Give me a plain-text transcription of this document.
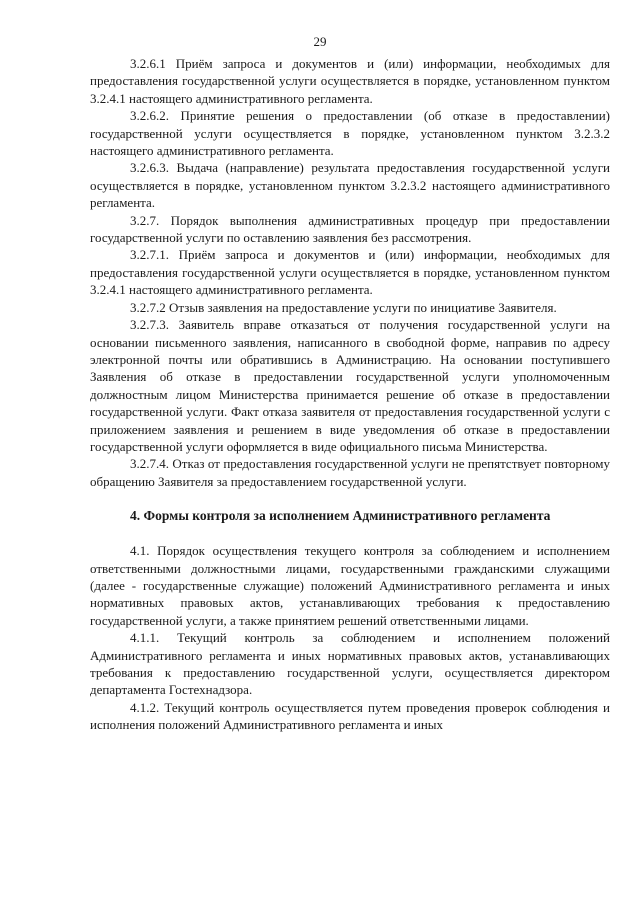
29

3.2.6.1 Приём запроса и документов и (или) информации, необходимых для предоставления государственной услуги осуществляется в порядке, установленном пунктом 3.2.4.1 настоящего административного регламента.

3.2.6.2. Принятие решения о предоставлении (об отказе в предоставлении) государственной услуги осуществляется в порядке, установленном пунктом 3.2.3.2 настоящего административного регламента.

3.2.6.3. Выдача (направление) результата предоставления государственной услуги осуществляется в порядке, установленном пунктом 3.2.3.2 настоящего административного регламента.

3.2.7. Порядок выполнения административных процедур при предоставлении государственной услуги по оставлению заявления без рассмотрения.

3.2.7.1. Приём запроса и документов и (или) информации, необходимых для предоставления государственной услуги осуществляется в порядке, установленном пунктом 3.2.4.1 настоящего административного регламента.

3.2.7.2 Отзыв заявления на предоставление услуги по инициативе Заявителя.

3.2.7.3. Заявитель вправе отказаться от получения государственной услуги на основании письменного заявления, написанного в свободной форме, направив по адресу электронной почты или обратившись в Администрацию. На основании поступившего Заявления об отказе в предоставлении государственной услуги уполномоченным должностным лицом Министерства принимается решение об отказе в предоставлении государственной услуги. Факт отказа заявителя от предоставления государственной услуги с приложением заявления и решением в виде уведомления об отказе в предоставлении государственной услуги оформляется в виде официального письма Министерства.

3.2.7.4. Отказ от предоставления государственной услуги не препятствует повторному обращению Заявителя за предоставлением государственной услуги.

4. Формы контроля за исполнением Административного регламента

4.1. Порядок осуществления текущего контроля за соблюдением и исполнением ответственными должностными лицами, государственными гражданскими служащими (далее - государственные служащие) положений Административного регламента и иных нормативных правовых актов, устанавливающих требования к предоставлению государственной услуги, а также принятием решений ответственными лицами.

4.1.1. Текущий контроль за соблюдением и исполнением положений Административного регламента и иных нормативных правовых актов, устанавливающих требования к предоставлению государственной услуги, осуществляется директором департамента Гостехнадзора.

4.1.2. Текущий контроль осуществляется путем проведения проверок соблюдения и исполнения положений Административного регламента и иных
